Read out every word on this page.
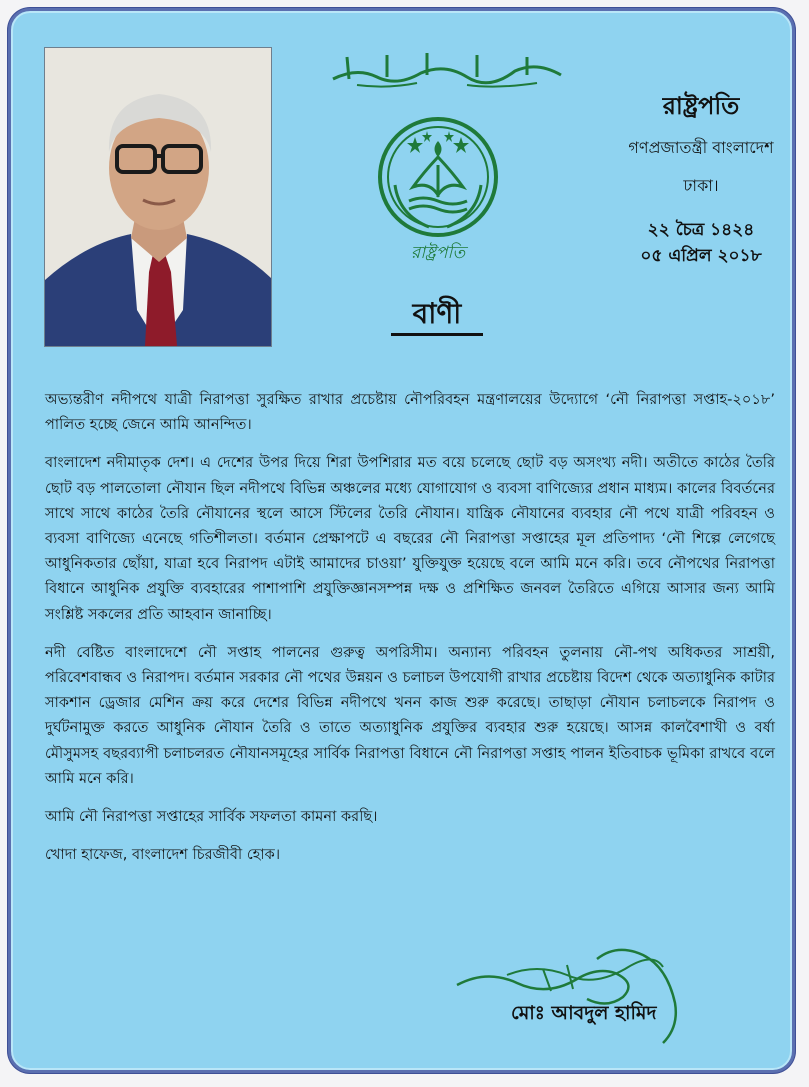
রাষ্ট্রপতি
বাণী
রাষ্ট্রপতি
গণপ্রজাতন্ত্রী বাংলাদেশ
ঢাকা।
২২ চৈত্র ১৪২৪
০৫ এপ্রিল ২০১৮

অভ্যন্তরীণ নদীপথে যাত্রী নিরাপত্তা সুরক্ষিত রাখার প্রচেষ্টায় নৌপরিবহন মন্ত্রণালয়ের উদ্যোগে ‘নৌ নিরাপত্তা সপ্তাহ-২০১৮’ পালিত হচ্ছে জেনে আমি আনন্দিত।

বাংলাদেশ নদীমাতৃক দেশ। এ দেশের উপর দিয়ে শিরা উপশিরার মত বয়ে চলেছে ছোট বড় অসংখ্য নদী। অতীতে কাঠের তৈরি ছোট বড় পালতোলা নৌযান ছিল নদীপথে বিভিন্ন অঞ্চলের মধ্যে যোগাযোগ ও ব্যবসা বাণিজ্যের প্রধান মাধ্যম। কালের বিবর্তনের সাথে সাথে কাঠের তৈরি নৌযানের স্থলে আসে স্টিলের তৈরি নৌযান। যান্ত্রিক নৌযানের ব্যবহার নৌ পথে যাত্রী পরিবহন ও ব্যবসা বাণিজ্যে এনেছে গতিশীলতা। বর্তমান প্রেক্ষাপটে এ বছরের নৌ নিরাপত্তা সপ্তাহের মূল প্রতিপাদ্য ‘নৌ শিল্পে লেগেছে আধুনিকতার ছোঁয়া, যাত্রা হবে নিরাপদ এটাই আমাদের চাওয়া’ যুক্তিযুক্ত হয়েছে বলে আমি মনে করি। তবে নৌপথের নিরাপত্তা বিধানে আধুনিক প্রযুক্তি ব্যবহারের পাশাপাশি প্রযুক্তিজ্ঞানসম্পন্ন দক্ষ ও প্রশিক্ষিত জনবল তৈরিতে এগিয়ে আসার জন্য আমি সংশ্লিষ্ট সকলের প্রতি আহবান জানাচ্ছি।

নদী বেষ্টিত বাংলাদেশে নৌ সপ্তাহ পালনের গুরুত্ব অপরিসীম। অন্যান্য পরিবহন তুলনায় নৌ-পথ অধিকতর সাশ্রয়ী, পরিবেশবান্ধব ও নিরাপদ। বর্তমান সরকার নৌ পথের উন্নয়ন ও চলাচল উপযোগী রাখার প্রচেষ্টায় বিদেশ থেকে অত্যাধুনিক কাটার সাকশান ড্রেজার মেশিন ক্রয় করে দেশের বিভিন্ন নদীপথে খনন কাজ শুরু করেছে। তাছাড়া নৌযান চলাচলকে নিরাপদ ও দুর্ঘটনামুক্ত করতে আধুনিক নৌযান তৈরি ও তাতে অত্যাধুনিক প্রযুক্তির ব্যবহার শুরু হয়েছে। আসন্ন কালবৈশাখী ও বর্ষা মৌসুমসহ বছরব্যাপী চলাচলরত নৌযানসমূহের সার্বিক নিরাপত্তা বিধানে নৌ নিরাপত্তা সপ্তাহ পালন ইতিবাচক ভূমিকা রাখবে বলে আমি মনে করি।

আমি নৌ নিরাপত্তা সপ্তাহের সার্বিক সফলতা কামনা করছি।

খোদা হাফেজ, বাংলাদেশ চিরজীবী হোক।

মোঃ আবদুল হামিদ
